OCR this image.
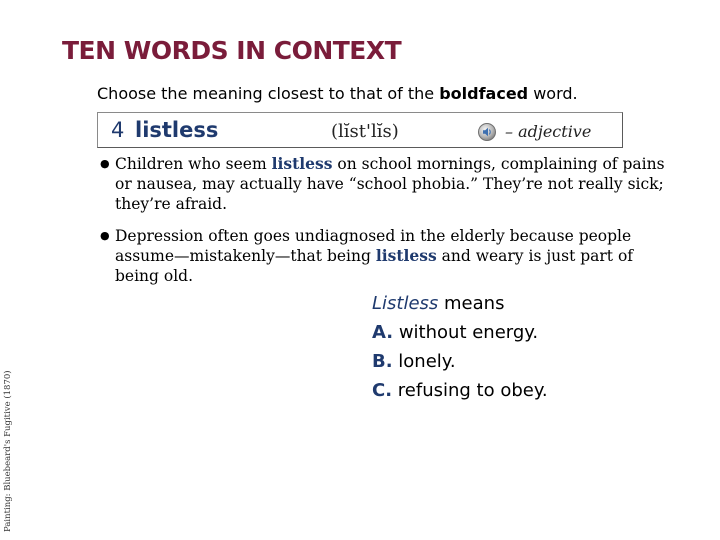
TEN WORDS IN CONTEXT
Choose the meaning closest to that of the boldfaced word.
4 listless	(lĭst'lĭs)	– adjective
● Children who seem listless on school mornings, complaining of pains or nausea, may actually have “school phobia.” They’re not really sick; they’re afraid.
● Depression often goes undiagnosed in the elderly because people assume—mistakenly—that being listless and weary is just part of being old.
Listless means
A. without energy.
B. lonely.
C. refusing to obey.
Painting: Bluebeard's Fugitive (1870)
